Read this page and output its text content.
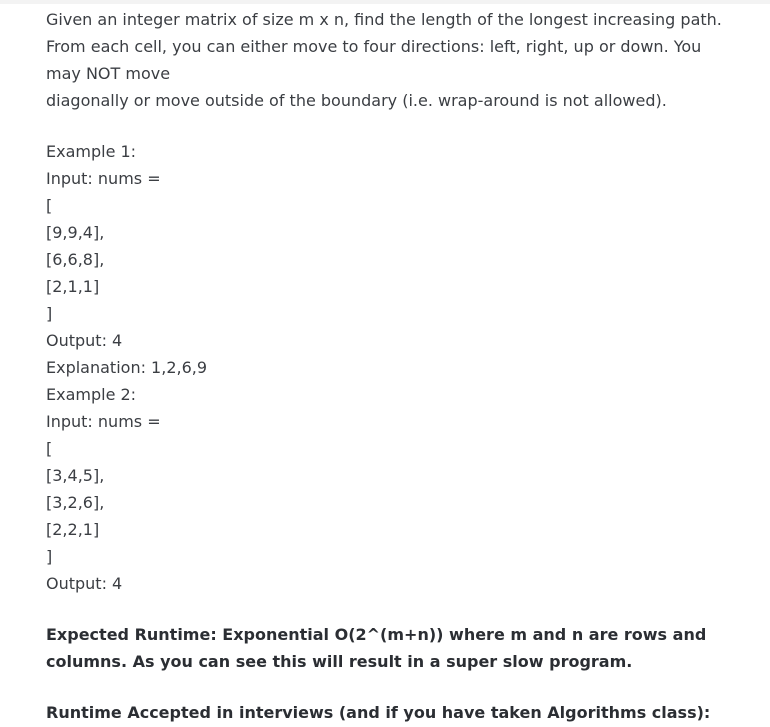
Given an integer matrix of size m x n, find the length of the longest increasing path.
From each cell, you can either move to four directions: left, right, up or down. You
may NOT move
diagonally or move outside of the boundary (i.e. wrap-around is not allowed).
Example 1:
Input: nums =
[
[9,9,4],
[6,6,8],
[2,1,1]
]
Output: 4
Explanation: 1,2,6,9
Example 2:
Input: nums =
[
[3,4,5],
[3,2,6],
[2,2,1]
]
Output: 4
Expected Runtime: Exponential O(2^(m+n)) where m and n are rows and
columns. As you can see this will result in a super slow program.
Runtime Accepted in interviews (and if you have taken Algorithms class):
